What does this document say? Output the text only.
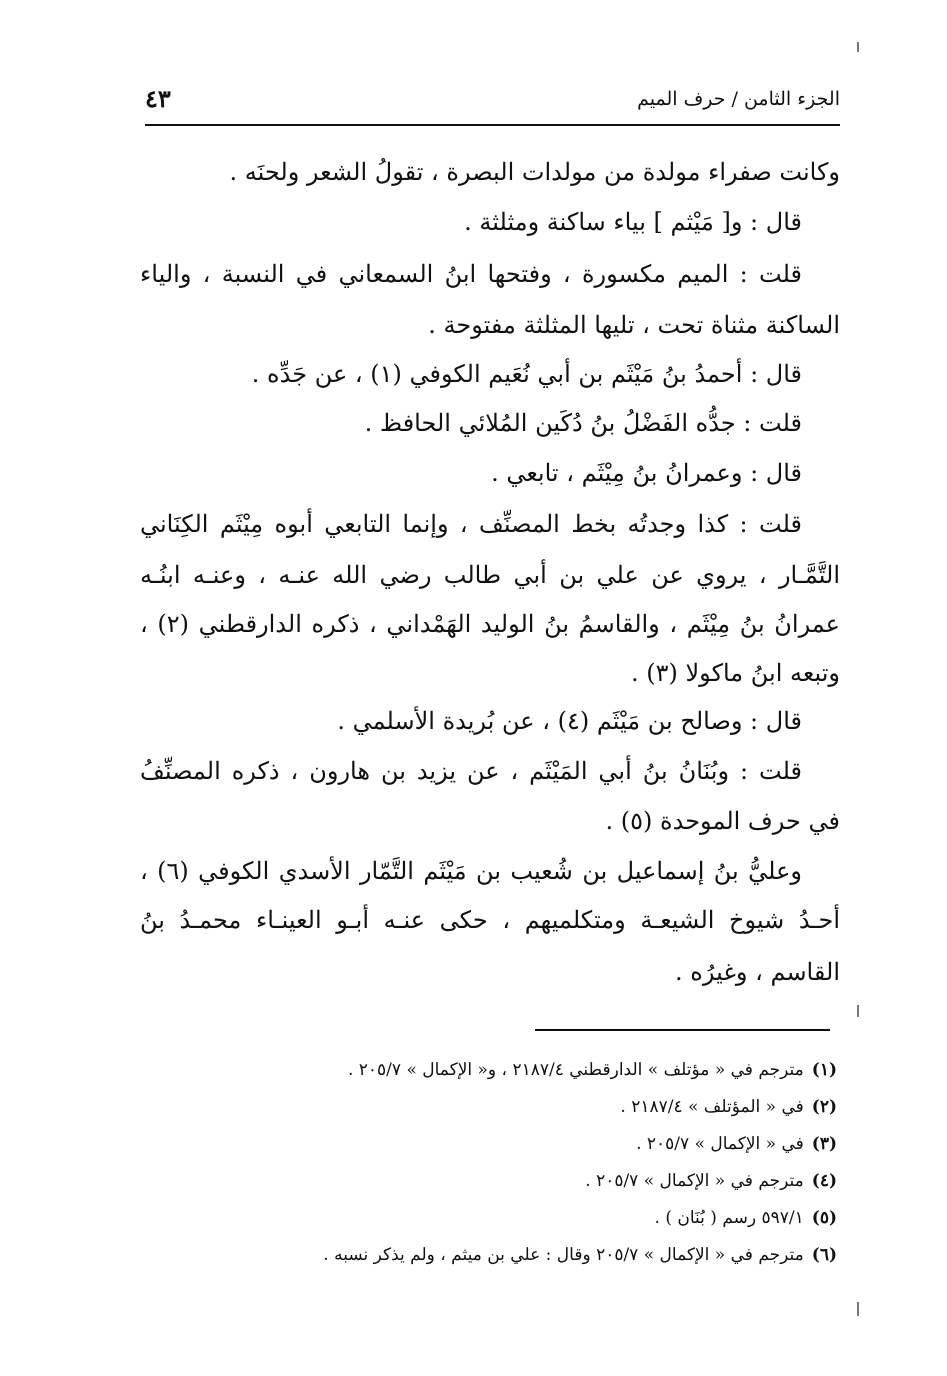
الجزء الثامن / حرف الميم
٤٣
وكانت صفراء مولدة من مولدات البصرة ، تقولُ الشعر ولحنَه .
قال : و[ مَيْثم ] بياء ساكنة ومثلثة .
قلت : الميم مكسورة ، وفتحها ابنُ السمعاني في النسبة ، والياء
الساكنة مثناة تحت ، تليها المثلثة مفتوحة .
قال : أحمدُ بنُ مَيْثَم بن أبي نُعَيم الكوفي (١) ، عن جَدِّه .
قلت : جدُّه الفَضْلُ بنُ دُكَين المُلائي الحافظ .
قال : وعمرانُ بنُ مِيْثَم ، تابعي .
قلت : كذا وجدتُه بخط المصنِّف ، وإنما التابعي أبوه مِيْثَم الكِنَاني
التَّمَّـار ، يروي عن علي بن أبي طالب رضي الله عنـه ، وعنـه ابنُـه
عمرانُ بنُ مِيْثَم ، والقاسمُ بنُ الوليد الهَمْداني ، ذكره الدارقطني (٢) ،
وتبعه ابنُ ماكولا (٣) .
قال : وصالح بن مَيْثَم (٤) ، عن بُريدة الأسلمي .
قلت : وبُنَانُ بنُ أبي المَيْثَم ، عن يزيد بن هارون ، ذكره المصنِّفُ
في حرف الموحدة (٥) .
وعليُّ بنُ إسماعيل بن شُعيب بن مَيْثَم التَّمّار الأسدي الكوفي (٦) ،
أحـدُ شيوخ الشيعـة ومتكلميهم ، حكى عنـه أبـو العينـاء محمـدُ بنُ
القاسم ، وغيرُه .
(١)مترجم في « مؤتلف » الدارقطني ٢١٨٧/٤ ، و« الإكمال » ٢٠٥/٧ .
(٢)في « المؤتلف » ٢١٨٧/٤ .
(٣)في « الإكمال » ٢٠٥/٧ .
(٤)مترجم في « الإكمال » ٢٠٥/٧ .
(٥)٥٩٧/١ رسم ( بُنَان ) .
(٦)مترجم في « الإكمال » ٢٠٥/٧ وقال : علي بن ميثم ، ولم يذكر نسبه .
